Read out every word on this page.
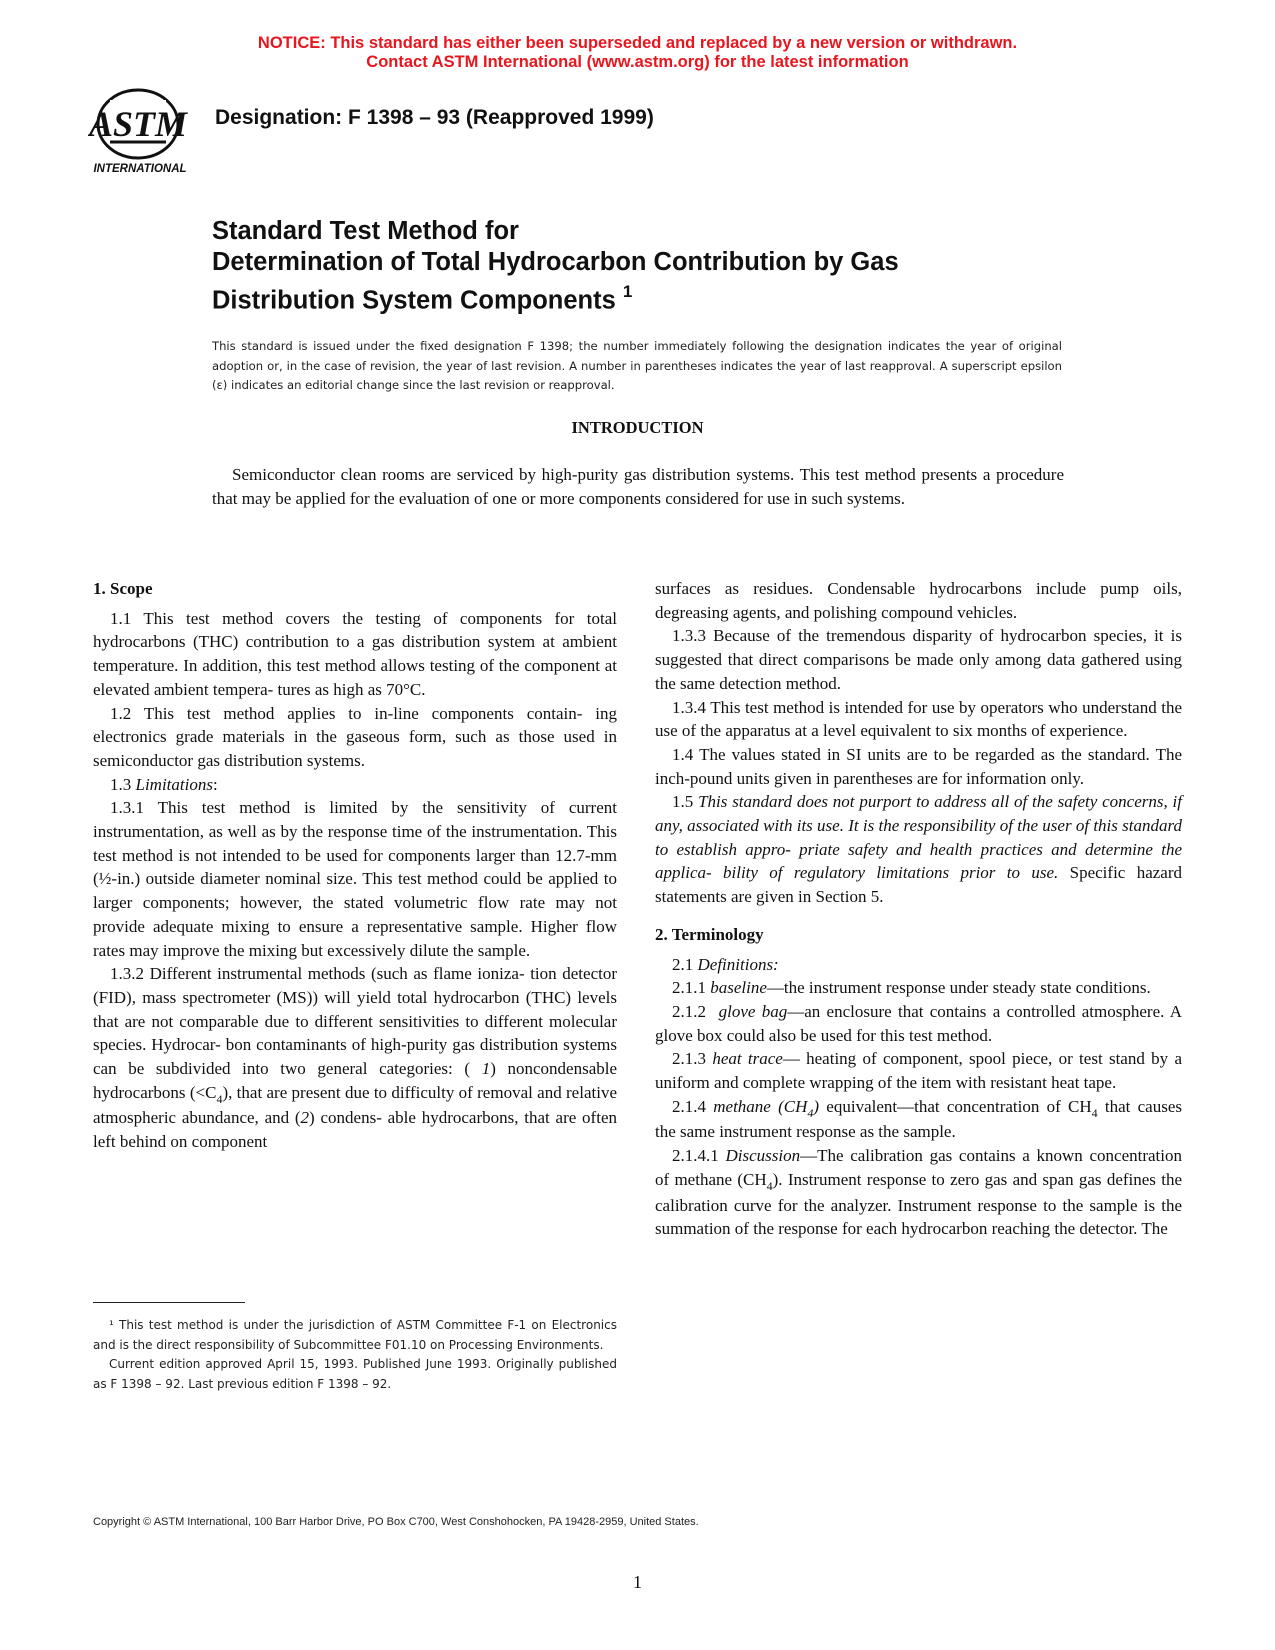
NOTICE: This standard has either been superseded and replaced by a new version or withdrawn.
Contact ASTM International (www.astm.org) for the latest information
ASTM
INTERNATIONAL
Designation: F 1398 – 93 (Reapproved 1999)
Standard Test Method for
Determination of Total Hydrocarbon Contribution by Gas
Distribution System Components $^1$
This standard is issued under the fixed designation F 1398; the number immediately following the designation indicates the year of original adoption or, in the case of revision, the year of last revision. A number in parentheses indicates the year of last reapproval. A superscript epsilon (ε) indicates an editorial change since the last revision or reapproval.
INTRODUCTION
Semiconductor clean rooms are serviced by high-purity gas distribution systems. This test method presents a procedure that may be applied for the evaluation of one or more components considered for use in such systems.
1. Scope

1.1 This test method covers the testing of components for total hydrocarbons (THC) contribution to a gas distribution system at ambient temperature. In addition, this test method allows testing of the component at elevated ambient tempera- tures as high as 70°C.

1.2 This test method applies to in-line components contain- ing electronics grade materials in the gaseous form, such as those used in semiconductor gas distribution systems.

1.3 Limitations:

1.3.1 This test method is limited by the sensitivity of current instrumentation, as well as by the response time of the instrumentation. This test method is not intended to be used for components larger than 12.7-mm (½-in.) outside diameter nominal size. This test method could be applied to larger components; however, the stated volumetric flow rate may not provide adequate mixing to ensure a representative sample. Higher flow rates may improve the mixing but excessively dilute the sample.

1.3.2 Different instrumental methods (such as flame ioniza- tion detector (FID), mass spectrometer (MS)) will yield total hydrocarbon (THC) levels that are not comparable due to different sensitivities to different molecular species. Hydrocar- bon contaminants of high-purity gas distribution systems can be subdivided into two general categories: ( 1) noncondensable hydrocarbons $(<C_4)$, that are present due to difficulty of removal and relative atmospheric abundance, and (2) condens- able hydrocarbons, that are often left behind on component

¹ This test method is under the jurisdiction of ASTM Committee F-1 on Electronics and is the direct responsibility of Subcommittee F01.10 on Processing Environments.

Current edition approved April 15, 1993. Published June 1993. Originally published as F 1398 – 92. Last previous edition F 1398 – 92.

surfaces as residues. Condensable hydrocarbons include pump oils, degreasing agents, and polishing compound vehicles.

1.3.3 Because of the tremendous disparity of hydrocarbon species, it is suggested that direct comparisons be made only among data gathered using the same detection method.

1.3.4 This test method is intended for use by operators who understand the use of the apparatus at a level equivalent to six months of experience.

1.4 The values stated in SI units are to be regarded as the standard. The inch-pound units given in parentheses are for information only.

1.5 This standard does not purport to address all of the safety concerns, if any, associated with its use. It is the responsibility of the user of this standard to establish appro- priate safety and health practices and determine the applica- bility of regulatory limitations prior to use. Specific hazard statements are given in Section 5.

2. Terminology

2.1 Definitions:

2.1.1 baseline—the instrument response under steady state conditions.

2.1.2 glove bag—an enclosure that contains a controlled atmosphere. A glove box could also be used for this test method.

2.1.3 heat trace— heating of component, spool piece, or test stand by a uniform and complete wrapping of the item with resistant heat tape.

2.1.4 methane $(CH_4)$ equivalent—that concentration of $CH_4$ that causes the same instrument response as the sample.

2.1.4.1 Discussion—The calibration gas contains a known concentration of methane $(CH_4)$. Instrument response to zero gas and span gas defines the calibration curve for the analyzer. Instrument response to the sample is the summation of the response for each hydrocarbon reaching the detector. The

Copyright © ASTM International, 100 Barr Harbor Drive, PO Box C700, West Conshohocken, PA 19428-2959, United States.
1
